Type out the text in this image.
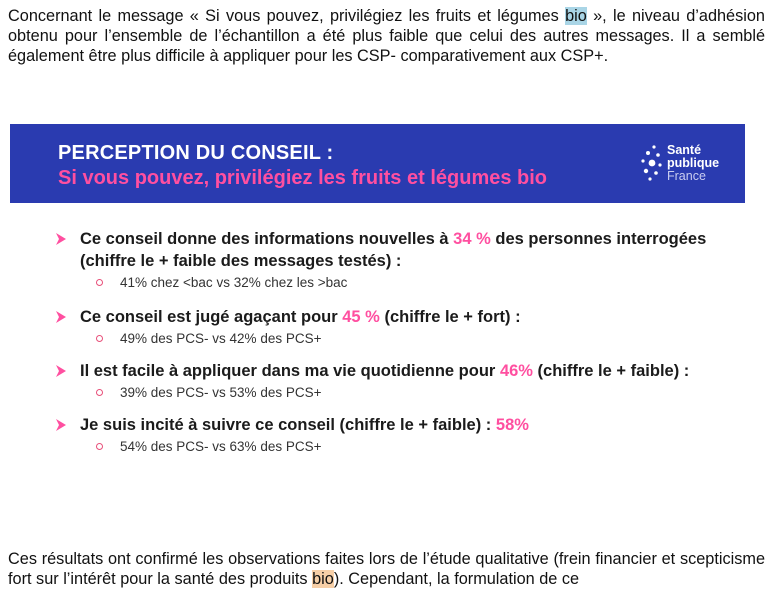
Concernant le message « Si vous pouvez, privilégiez les fruits et légumes bio », le niveau d’adhésion obtenu pour l’ensemble de l’échantillon a été plus faible que celui des autres messages. Il a semblé également être plus difficile à appliquer pour les CSP- comparativement aux CSP+.

PERCEPTION DU CONSEIL :
Si vous pouvez, privilégiez les fruits et légumes bio
Santé
publique
France
Ce conseil donne des informations nouvelles à 34 % des personnes interrogées (chiffre le + faible des messages testés) :
41% chez <bac vs 32% chez les >bac
Ce conseil est jugé agaçant pour 45 % (chiffre le + fort) :
49% des PCS- vs 42% des PCS+
Il est facile à appliquer dans ma vie quotidienne pour 46% (chiffre le + faible) :
39% des PCS- vs 53% des PCS+
Je suis incité à suivre ce conseil (chiffre le + faible) : 58%
54% des PCS- vs 63% des PCS+

Ces résultats ont confirmé les observations faites lors de l’étude qualitative (frein financier et scepticisme fort sur l’intérêt pour la santé des produits bio). Cependant, la formulation de ce
